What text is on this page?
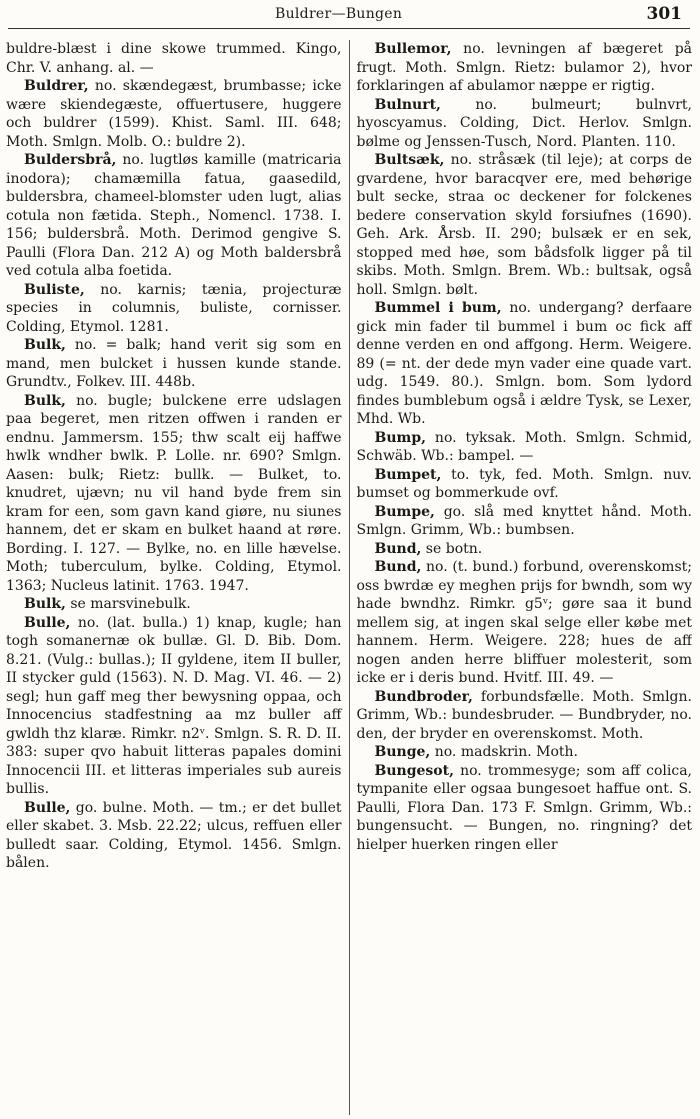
Buldrer—Bungen	301

buldre-blæst i dine skowe trummed. Kingo, Chr. V. anhang. al. —

Buldrer, no. skændegæst, brumbasse; icke wære skiendegæste, offuertusere, huggere och buldrer (1599). Khist. Saml. III. 648; Moth. Smlgn. Molb. O.: buldre 2).

Buldersbrå, no. lugtløs kamille (matricaria inodora); chamæmilla fatua, gaasedild, buldersbra, chameel-blomster uden lugt, alias cotula non fætida. Steph., Nomencl. 1738. I. 156; buldersbrå. Moth. Derimod gengive S. Paulli (Flora Dan. 212 A) og Moth baldersbrå ved cotula alba foetida.

Buliste, no. karnis; tænia, projecturæ species in columnis, buliste, cornisser. Colding, Etymol. 1281.

Bulk, no. = balk; hand verit sig som en mand, men bulcket i hussen kunde stande. Grundtv., Folkev. III. 448b.

Bulk, no. bugle; bulckene erre udslagen paa begeret, men ritzen offwen i randen er endnu. Jammersm. 155; thw scalt eij haffwe hwlk wndher bwlk. P. Lolle. nr. 690? Smlgn. Aasen: bulk; Rietz: bullk. — Bulket, to. knudret, ujævn; nu vil hand byde frem sin kram for een, som gavn kand giøre, nu siunes hannem, det er skam en bulket haand at røre. Bording. I. 127. — Bylke, no. en lille hævelse. Moth; tuberculum, bylke. Colding, Etymol. 1363; Nucleus latinit. 1763. 1947.

Bulk, se marsvinebulk.

Bulle, no. (lat. bulla.) 1) knap, kugle; han togh somanernæ ok bullæ. Gl. D. Bib. Dom. 8.21. (Vulg.: bullas.); II gyldene, item II buller, II stycker guld (1563). N. D. Mag. VI. 46. — 2) segl; hun gaff meg ther bewysning oppaa, och Innocencius stadfestning aa mz buller aff gwldh thz klaræ. Rimkr. n2ᵛ. Smlgn. S. R. D. II. 383: super qvo habuit litteras papales domini Innocencii III. et litteras imperiales sub aureis bullis.

Bulle, go. bulne. Moth. — tm.; er det bullet eller skabet. 3. Msb. 22.22; ulcus, reffuen eller bulledt saar. Colding, Etymol. 1456. Smlgn. bålen.

Bullemor, no. levningen af bægeret på frugt. Moth. Smlgn. Rietz: bulamor 2), hvor forklaringen af abulamor næppe er rigtig.

Bulnurt, no. bulmeurt; bulnvrt, hyoscyamus. Colding, Dict. Herlov. Smlgn. bølme og Jenssen-Tusch, Nord. Planten. 110.

Bultsæk, no. stråsæk (til leje); at corps de gvardene, hvor baracqver ere, med behørige bult secke, straa oc deckener for folckenes bedere conservation skyld forsiufnes (1690). Geh. Ark. Årsb. II. 290; bulsæk er en sek, stopped med høe, som bådsfolk ligger på til skibs. Moth. Smlgn. Brem. Wb.: bultsak, også holl. Smlgn. bølt.

Bummel i bum, no. undergang? derfaare gick min fader til bummel i bum oc fick aff denne verden en ond affgong. Herm. Weigere. 89 (= nt. der dede myn vader eine quade vart. udg. 1549. 80.). Smlgn. bom. Som lydord findes bumblebum også i ældre Tysk, se Lexer, Mhd. Wb.

Bump, no. tyksak. Moth. Smlgn. Schmid, Schwäb. Wb.: bampel. —

Bumpet, to. tyk, fed. Moth. Smlgn. nuv. bumset og bommerkude ovf.

Bumpe, go. slå med knyttet hånd. Moth. Smlgn. Grimm, Wb.: bumbsen.

Bund, se botn.

Bund, no. (t. bund.) forbund, overenskomst; oss bwrdæ ey meghen prijs for bwndh, som wy hade bwndhz. Rimkr. g5ᵛ; gøre saa it bund mellem sig, at ingen skal selge eller købe met hannem. Herm. Weigere. 228; hues de aff nogen anden herre bliffuer molesterit, som icke er i deris bund. Hvitf. III. 49. —

Bundbroder, forbundsfælle. Moth. Smlgn. Grimm, Wb.: bundesbruder. — Bundbryder, no. den, der bryder en overenskomst. Moth.

Bunge, no. madskrin. Moth.

Bungesot, no. trommesyge; som aff colica, tympanite eller ogsaa bungesoet haffue ont. S. Paulli, Flora Dan. 173 F. Smlgn. Grimm, Wb.: bungensucht. — Bungen, no. ringning? det hielper huerken ringen eller
